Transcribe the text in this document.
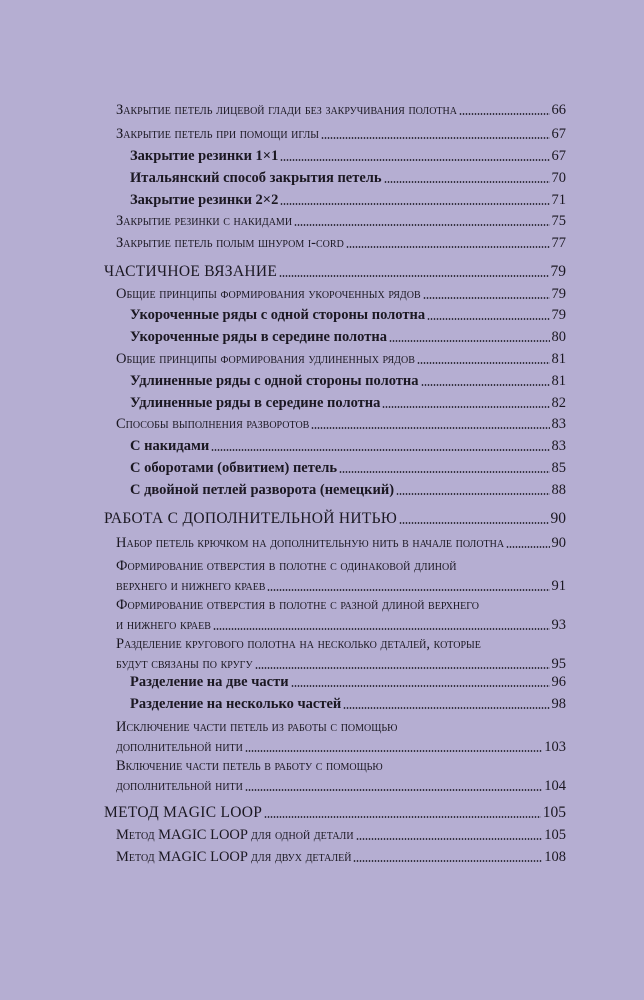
Закрытие петель лицевой глади без закручивания полотна	66
Закрытие петель при помощи иглы	67
Закрытие резинки 1×1	67
Итальянский способ закрытия петель	70
Закрытие резинки 2×2	71
Закрытие резинки с накидами	75
Закрытие петель полым шнуром i-cord	77
ЧАСТИЧНОЕ ВЯЗАНИЕ	79
Общие принципы формирования укороченных рядов	79
Укороченные ряды с одной стороны полотна	79
Укороченные ряды в середине полотна	80
Общие принципы формирования удлиненных рядов	81
Удлиненные ряды с одной стороны полотна	81
Удлиненные ряды в середине полотна	82
Способы выполнения разворотов	83
С накидами	83
С оборотами (обвитием) петель	85
С двойной петлей разворота (немецкий)	88
РАБОТА С ДОПОЛНИТЕЛЬНОЙ НИТЬЮ	90
Набор петель крючком на дополнительную нить в начале полотна	90
Формирование отверстия в полотне с одинаковой длиной
верхнего и нижнего краев	91
Формирование отверстия в полотне с разной длиной верхнего
и нижнего краев	93
Разделение кругового полотна на несколько деталей, которые
будут связаны по кругу	95
Разделение на две части	96
Разделение на несколько частей	98
Исключение части петель из работы с помощью
дополнительной нити	103
Включение части петель в работу с помощью
дополнительной нити	104
МЕТОД MAGIC LOOP	105
Метод MAGIC LOOP для одной детали	105
Метод MAGIC LOOP для двух деталей	108
